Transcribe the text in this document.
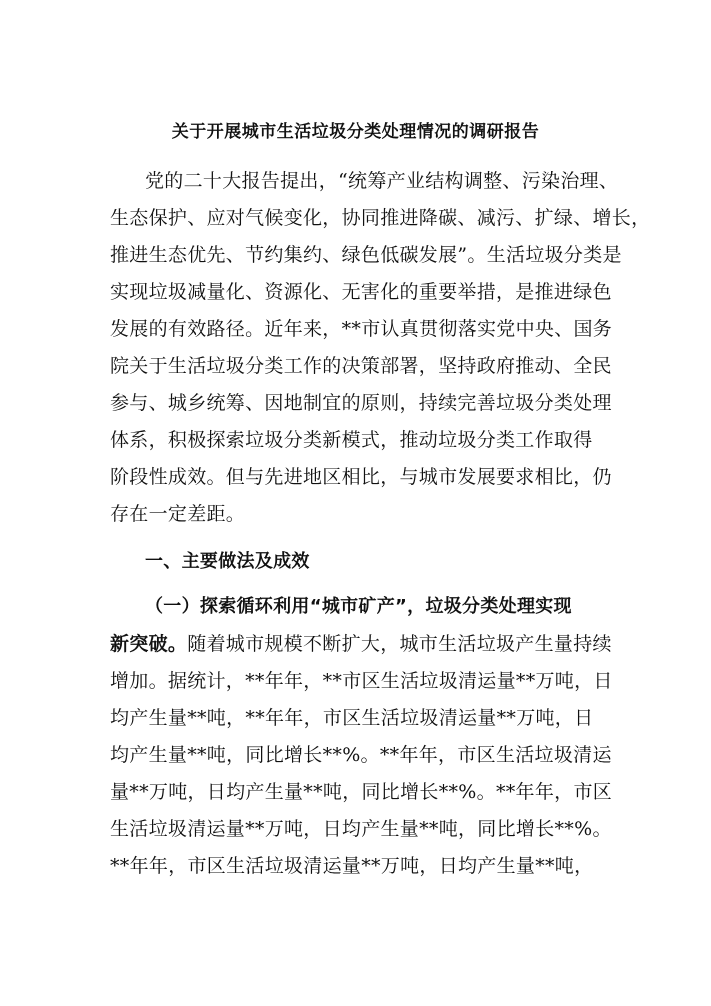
关于开展城市生活垃圾分类处理情况的调研报告
党的二十大报告提出，“统筹产业结构调整、污染治理、
生态保护、应对气候变化，协同推进降碳、减污、扩绿、增长，
推进生态优先、节约集约、绿色低碳发展”。生活垃圾分类是
实现垃圾减量化、资源化、无害化的重要举措，是推进绿色
发展的有效路径。近年来，**市认真贯彻落实党中央、国务
院关于生活垃圾分类工作的决策部署，坚持政府推动、全民
参与、城乡统筹、因地制宜的原则，持续完善垃圾分类处理
体系，积极探索垃圾分类新模式，推动垃圾分类工作取得
阶段性成效。但与先进地区相比，与城市发展要求相比，仍
存在一定差距。
一、主要做法及成效
（一）探索循环利用“城市矿产”，垃圾分类处理实现
新突破。随着城市规模不断扩大，城市生活垃圾产生量持续
增加。据统计，**年年，**市区生活垃圾清运量**万吨，日
均产生量**吨，**年年，市区生活垃圾清运量**万吨，日
均产生量**吨，同比增长**%。**年年，市区生活垃圾清运
量**万吨，日均产生量**吨，同比增长**%。**年年，市区
生活垃圾清运量**万吨，日均产生量**吨，同比增长**%。
**年年，市区生活垃圾清运量**万吨，日均产生量**吨，
